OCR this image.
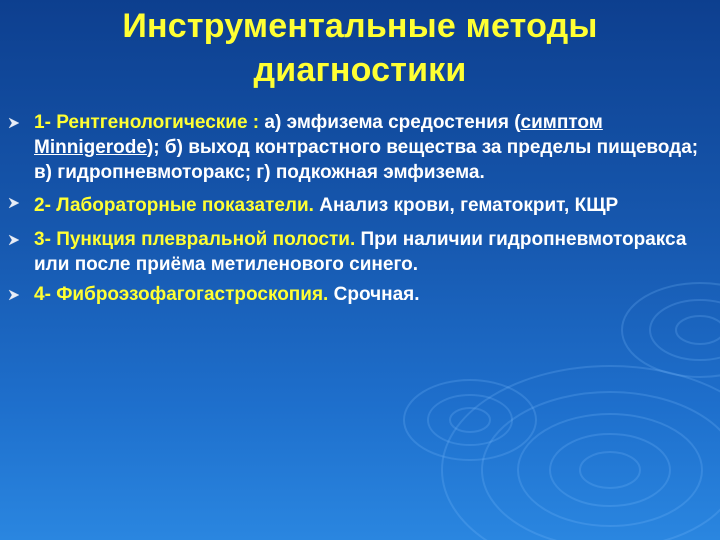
Инструментальные методы
диагностики
1- Рентгенологические : а) эмфизема средостения (симптом Minnigerode); б) выход контрастного вещества за пределы пищевода; в) гидропневмоторакс; г) подкожная эмфизема.
2- Лабораторные показатели. Анализ крови, гематокрит, КЩР
3- Пункция плевральной полости. При наличии гидропневмоторакса или после приёма метиленового синего.
4- Фиброэзофагогастроскопия. Срочная.
